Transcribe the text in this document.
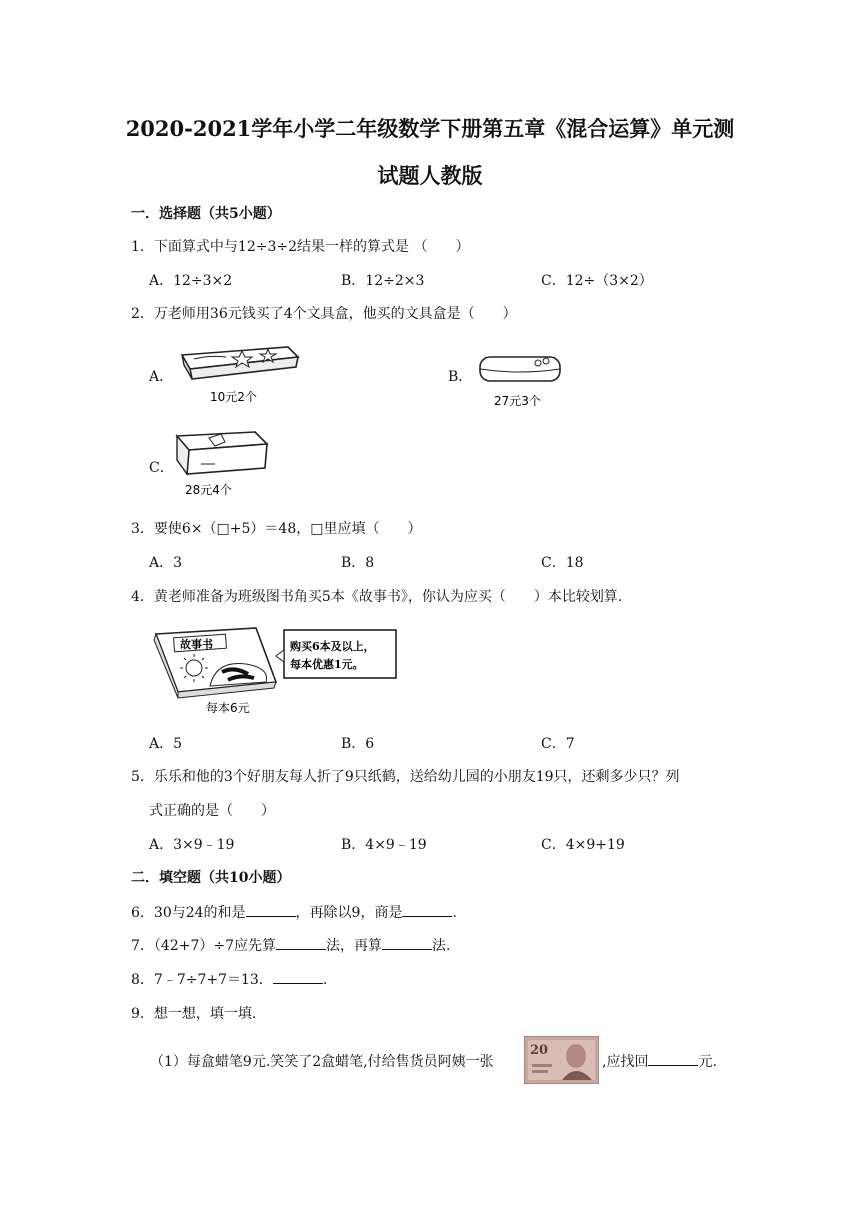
2020-2021学年小学二年级数学下册第五章《混合运算》单元测
试题人教版
一．选择题（共5小题）
1．下面算式中与12÷3÷2结果一样的算式是 （　　）
A．12÷3×2	B．12÷2×3	C．12÷（3×2）
2．万老师用36元钱买了4个文具盒，他买的文具盒是（　　）
A．
10元2个
B．
27元3个
C．
28元4个
3．要使6×（□+5）＝48，□里应填（　　）
A．3	B．8	C．18
4．黄老师准备为班级图书角买5本《故事书》，你认为应买（　　）本比较划算.
故事书	购买6本及以上，
每本优惠1元。
每本6元
A．5	B．6	C．7
5．乐乐和他的3个好朋友每人折了9只纸鹤，送给幼儿园的小朋友19只，还剩多少只？列
式正确的是（　　）
A．3×9﹣19	B．4×9﹣19	C．4×9+19
二．填空题（共10小题）
6．30与24的和是	，再除以9，商是	.
7．（42+7）÷7应先算	法，再算	法.
8．7﹣7÷7+7＝13．	.
9．想一想，填一填.
（1）每盒蜡笔9元.笑笑了2盒蜡笔,付给售货员阿姨一张
20
,应找回	元.
